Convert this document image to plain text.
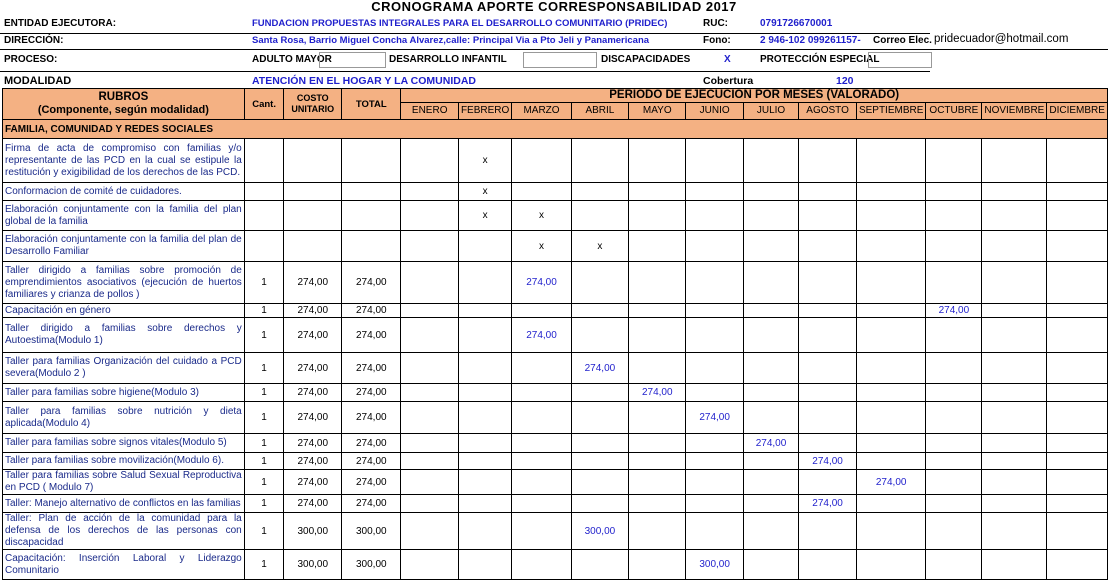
CRONOGRAMA APORTE CORRESPONSABILIDAD 2017
ENTIDAD EJECUTORA:	FUNDACION PROPUESTAS INTEGRALES PARA EL DESARROLLO COMUNITARIO (PRIDEC)	RUC:	0791726670001
DIRECCIÓN:	Santa Rosa, Barrio Miguel Concha Alvarez,calle: Principal Via a Pto Jeli y Panamericana	Fono:	2 946-102 099261157- Correo Elec. pridecuador@hotmail.com
PROCESO:	ADULTO MAYOR	DESARROLLO INFANTIL	DISCAPACIDADES	X	PROTECCIÓN ESPECIAL
MODALIDAD	ATENCIÓN EN EL HOGAR Y LA COMUNIDAD	Cobertura	120
RUBROS
(Componente, según modalidad)	Cant.	COSTO UNITARIO	TOTAL	PERIODO DE EJECUCION POR MESES (VALORADO)											
				ENERO	FEBRERO	MARZO	ABRIL	MAYO	JUNIO	JULIO	AGOSTO	SEPTIEMBRE	OCTUBRE	NOVIEMBRE	DICIEMBRE
FAMILIA, COMUNIDAD Y REDES SOCIALES															
Firma de acta de compromiso con familias y/o representante de las PCD en la cual se estipule la restitución y exigibilidad de los derechos de las PCD.					x										
Conformacion de comité de cuidadores.					x										
Elaboración conjuntamente con la familia del plan global de la familia					x	x									
Elaboración conjuntamente con la familia del plan de Desarrollo Familiar						x	x								
Taller dirigido a familias sobre promoción de emprendimientos asociativos (ejecución de huertos familiares y crianza de pollos )	1	274,00	274,00			274,00									
Capacitación en género	1	274,00	274,00										274,00		
Taller dirigido a familias sobre derechos y Autoestima(Modulo 1)	1	274,00	274,00			274,00									
Taller para familias Organización del cuidado a PCD severa(Modulo 2 )	1	274,00	274,00				274,00								
Taller para familias sobre higiene(Modulo 3)	1	274,00	274,00					274,00							
Taller para familias sobre nutrición y dieta aplicada(Modulo 4)	1	274,00	274,00						274,00						
Taller para familias sobre signos vitales(Modulo 5)	1	274,00	274,00							274,00					
Taller para familias sobre movilización(Modulo 6).	1	274,00	274,00								274,00				
Taller para familias sobre Salud Sexual Reproductiva en PCD ( Modulo 7)	1	274,00	274,00									274,00			
Taller: Manejo alternativo de conflictos en las familias	1	274,00	274,00								274,00				
Taller: Plan de acción de la comunidad para la defensa de los derechos de las personas con discapacidad	1	300,00	300,00				300,00								
Capacitación: Inserción Laboral y Liderazgo Comunitario	1	300,00	300,00						300,00						
